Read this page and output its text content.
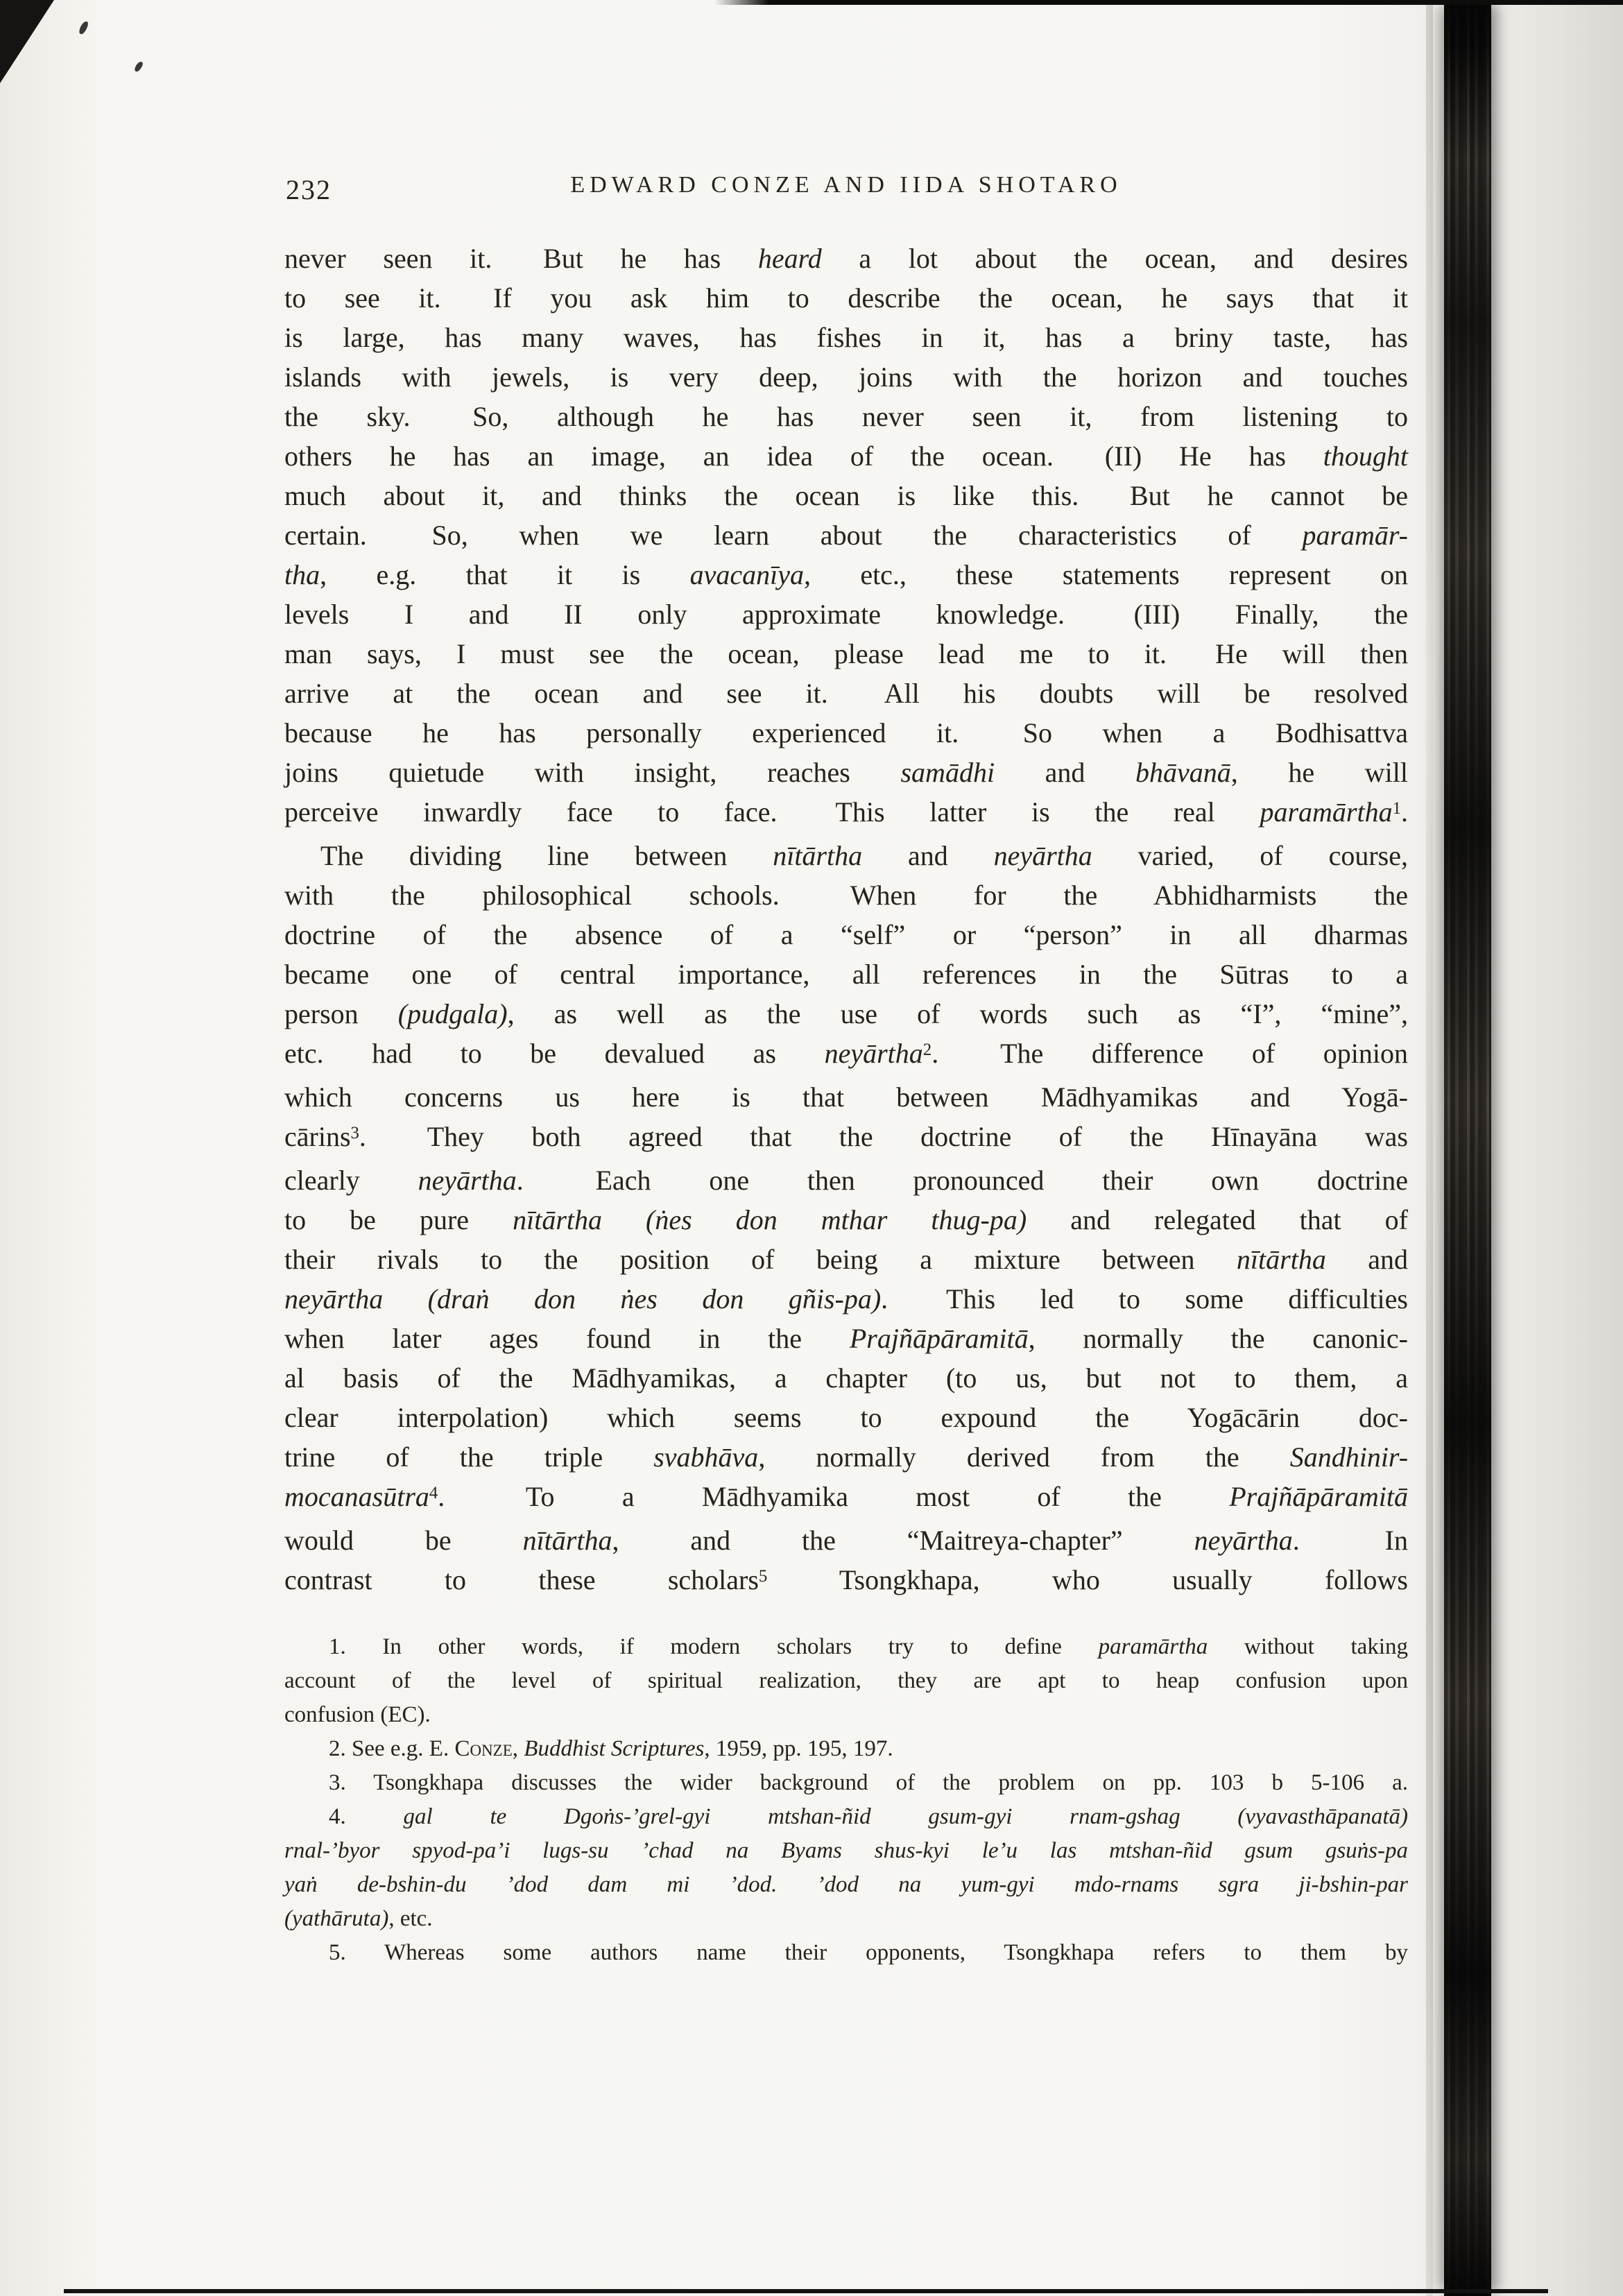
232	EDWARD CONZE AND IIDA SHOTARO
never seen it.  But he has heard a lot about the ocean, and desires
to see it.  If you ask him to describe the ocean, he says that it
is large, has many waves, has fishes in it, has a briny taste, has
islands with jewels, is very deep, joins with the horizon and touches
the sky.  So, although he has never seen it, from listening to
others he has an image, an idea of the ocean.  (II) He has thought
much about it, and thinks the ocean is like this.  But he cannot be
certain.  So, when we learn about the characteristics of paramār-
tha, e.g. that it is avacanīya, etc., these statements represent on
levels I and II only approximate knowledge.  (III) Finally, the
man says, I must see the ocean, please lead me to it.  He will then
arrive at the ocean and see it.  All his doubts will be resolved
because he has personally experienced it.  So when a Bodhisattva
joins quietude with insight, reaches samādhi and bhāvanā, he will
perceive inwardly face to face.  This latter is the real paramārtha$^1$.
The dividing line between nītārtha and neyārtha varied, of course,
with the philosophical schools.  When for the Abhidharmists the
doctrine of the absence of a “self” or “person” in all dharmas
became one of central importance, all references in the Sūtras to a
person (pudgala), as well as the use of words such as “I”, “mine”,
etc. had to be devalued as neyārtha$^2$.  The difference of opinion
which concerns us here is that between Mādhyamikas and Yogā-
cārins$^3$.  They both agreed that the doctrine of the Hīnayāna was
clearly neyārtha.  Each one then pronounced their own doctrine
to be pure nītārtha (ṅes don mthar thug-pa) and relegated that of
their rivals to the position of being a mixture between nītārtha and
neyārtha (draṅ don ṅes don gñis-pa).  This led to some difficulties
when later ages found in the Prajñāpāramitā, normally the canonic-
al basis of the Mādhyamikas, a chapter (to us, but not to them, a
clear interpolation) which seems to expound the Yogācārin doc-
trine of the triple svabhāva, normally derived from the Sandhinir-
mocanasūtra$^4$.  To a Mādhyamika most of the Prajñāpāramitā
would be nītārtha, and the “Maitreya-chapter” neyārtha.  In
contrast to these scholars$^5$ Tsongkhapa, who usually follows
1. In other words, if modern scholars try to define paramārtha without taking
account of the level of spiritual realization, they are apt to heap confusion upon
confusion (EC).
2. See e.g. E. Conze, Buddhist Scriptures, 1959, pp. 195, 197.
3. Tsongkhapa discusses the wider background of the problem on pp. 103 b 5-106 a.
4. gal te Dgoṅs-’grel-gyi mtshan-ñid gsum-gyi rnam-gshag (vyavasthāpanatā)
rnal-’byor spyod-pa’i lugs-su ’chad na Byams shus-kyi le’u las mtshan-ñid gsum gsuṅs-pa
yaṅ de-bshin-du ’dod dam mi ’dod. ’dod na yum-gyi mdo-rnams sgra ji-bshin-par
(yathāruta), etc.
5. Whereas some authors name their opponents, Tsongkhapa refers to them by
